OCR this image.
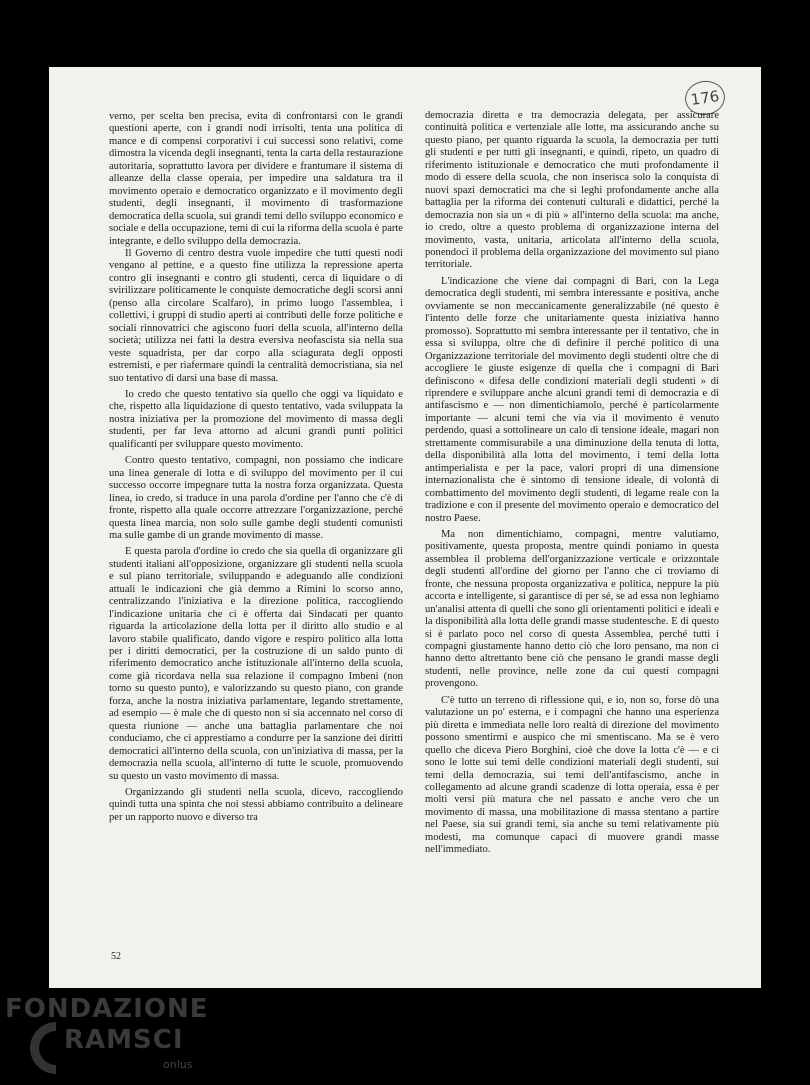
176

verno, per scelta ben precisa, evita di confrontarsi con le grandi questioni aperte, con i grandi nodi irrisolti, tenta una politica di mance e di compensi corporativi i cui successi sono relativi, come dimostra la vicenda degli insegnanti, tenta la carta della restaurazione autoritaria, soprattutto lavora per dividere e frantumare il sistema di alleanze della classe operaia, per impedire una saldatura tra il movimento operaio e democratico organizzato e il movimento degli studenti, degli insegnanti, il movimento di trasformazione democratica della scuola, sui grandi temi dello sviluppo economico e sociale e della occupazione, temi di cui la riforma della scuola è parte integrante, e dello sviluppo della democrazia.

Il Governo di centro destra vuole impedire che tutti questi nodi vengano al pettine, e a questo fine utilizza la repressione aperta contro gli insegnanti e contro gli studenti, cerca di liquidare o di svirilizzare politicamente le conquiste democratiche degli scorsi anni (penso alla circolare Scalfaro), in primo luogo l'assemblea, i collettivi, i gruppi di studio aperti ai contributi delle forze politiche e sociali rinnovatrici che agiscono fuori della scuola, all'interno della società; utilizza nei fatti la destra eversiva neofascista sia nella sua veste squadrista, per dar corpo alla sciagurata degli opposti estremisti, e per riafermare quindi la centralità democristiana, sia nel suo tentativo di darsi una base di massa.

Io credo che questo tentativo sia quello che oggi va liquidato e che, rispetto alla liquidazione di questo tentativo, vada sviluppata la nostra iniziativa per la promozione del movimento di massa degli studenti, per far leva attorno ad alcuni grandi punti politici qualificanti per sviluppare questo movimento.

Contro questo tentativo, compagni, non possiamo che indicare una linea generale di lotta e di sviluppo del movimento per il cui successo occorre impegnare tutta la nostra forza organizzata. Questa linea, io credo, si traduce in una parola d'ordine per l'anno che c'è di fronte, rispetto alla quale occorre attrezzare l'organizzazione, perché questa linea marcia, non solo sulle gambe degli studenti comunisti ma sulle gambe di un grande movimento di masse.

E questa parola d'ordine io credo che sia quella di organizzare gli studenti italiani all'opposizione, organizzare gli studenti nella scuola e sul piano territoriale, sviluppando e adeguando alle condizioni attuali le indicazioni che già demmo a Rimini lo scorso anno, centralizzando l'iniziativa e la direzione politica, raccogliendo l'indicazione unitaria che ci è offerta dai Sindacati per quanto riguarda la articolazione della lotta per il diritto allo studio e al lavoro stabile qualificato, dando vigore e respiro politico alla lotta per i diritti democratici, per la costruzione di un saldo punto di riferimento democratico anche istituzionale all'interno della scuola, come già ricordava nella sua relazione il compagno Imbeni (non torno su questo punto), e valorizzando su questo piano, con grande forza, anche la nostra iniziativa parlamentare, legando strettamente, ad esempio — è male che di questo non si sia accennato nel corso di questa riunione — anche una battaglia parlamentare che noi conduciamo, che ci apprestiamo a condurre per la sanzione dei diritti democratici all'interno della scuola, con un'iniziativa di massa, per la democrazia nella scuola, all'interno di tutte le scuole, promuovendo su questo un vasto movimento di massa.

Organizzando gli studenti nella scuola, dicevo, raccogliendo quindi tutta una spinta che noi stessi abbiamo contribuito a delineare per un rapporto nuovo e diverso tra

democrazia diretta e tra democrazia delegata, per assicurare continuità politica e vertenziale alle lotte, ma assicurando anche su questo piano, per quanto riguarda la scuola, la democrazia per tutti gli studenti e per tutti gli insegnanti, e quindi, ripeto, un quadro di riferimento istituzionale e democratico che muti profondamente il modo di essere della scuola, che non inserisca solo la conquista di nuovi spazi democratici ma che si leghi profondamente anche alla battaglia per la riforma dei contenuti culturali e didattici, perché la democrazia non sia un « di più » all'interno della scuola: ma anche, io credo, oltre a questo problema di organizzazione interna del movimento, vasta, unitaria, articolata all'interno della scuola, ponendoci il problema della organizzazione del movimento sul piano territoriale.

L'indicazione che viene dai compagni di Bari, con la Lega democratica degli studenti, mi sembra interessante e positiva, anche ovviamente se non meccanicamente generalizzabile (né questo è l'intento delle forze che unitariamente questa iniziativa hanno promosso). Soprattutto mi sembra interessante per il tentativo, che in essa si sviluppa, oltre che di definire il perché politico di una Organizzazione territoriale del movimento degli studenti oltre che di accogliere le giuste esigenze di quella che i compagni di Bari definiscono « difesa delle condizioni materiali degli studenti » di riprendere e sviluppare anche alcuni grandi temi di democrazia e di antifascismo e — non dimentichiamolo, perché è particolarmente importante — alcuni temi che via via il movimento è venuto perdendo, quasi a sottolineare un calo di tensione ideale, magari non strettamente commisurabile a una diminuzione della tenuta di lotta, della disponibilità alla lotta del movimento, i temi della lotta antimperialista e per la pace, valori propri di una dimensione internazionalista che è sintomo di tensione ideale, di volontà di combattimento del movimento degli studenti, di legame reale con la tradizione e con il presente del movimento operaio e democratico del nostro Paese.

Ma non dimentichiamo, compagni, mentre valutiamo, positivamente, questa proposta, mentre quindi poniamo in questa assemblea il problema dell'organizzazione verticale e orizzontale degli studenti all'ordine del giorno per l'anno che ci troviamo di fronte, che nessuna proposta organizzativa e politica, neppure la più accorta e intelligente, si garantisce di per sé, se ad essa non leghiamo un'analisi attenta di quelli che sono gli orientamenti politici e ideali e la disponibilità alla lotta delle grandi masse studentesche. E di questo si è parlato poco nel corso di questa Assemblea, perché tutti i compagni giustamente hanno detto ciò che loro pensano, ma non ci hanno detto altrettanto bene ciò che pensano le grandi masse degli studenti, nelle province, nelle zone da cui questi compagni provengono.

C'è tutto un terreno di riflessione qui, e io, non so, forse dò una valutazione un po' esterna, e i compagni che hanno una esperienza più diretta e immediata nelle loro realtà di direzione del movimento possono smentirmi e auspico che mi smentiscano. Ma se è vero quello che diceva Piero Borghini, cioè che dove la lotta c'è — e ci sono le lotte sui temi delle condizioni materiali degli studenti, sui temi della democrazia, sui temi dell'antifascismo, anche in collegamento ad alcune grandi scadenze di lotta operaia, essa è per molti versi più matura che nel passato e anche vero che un movimento di massa, una mobilitazione di massa stentano a partire nel Paese, sia sui grandi temi, sia anche su temi relativamente più modesti, ma comunque capaci di muovere grandi masse nell'immediato.

52
FONDAZIONE
RAMSCI
onlus
